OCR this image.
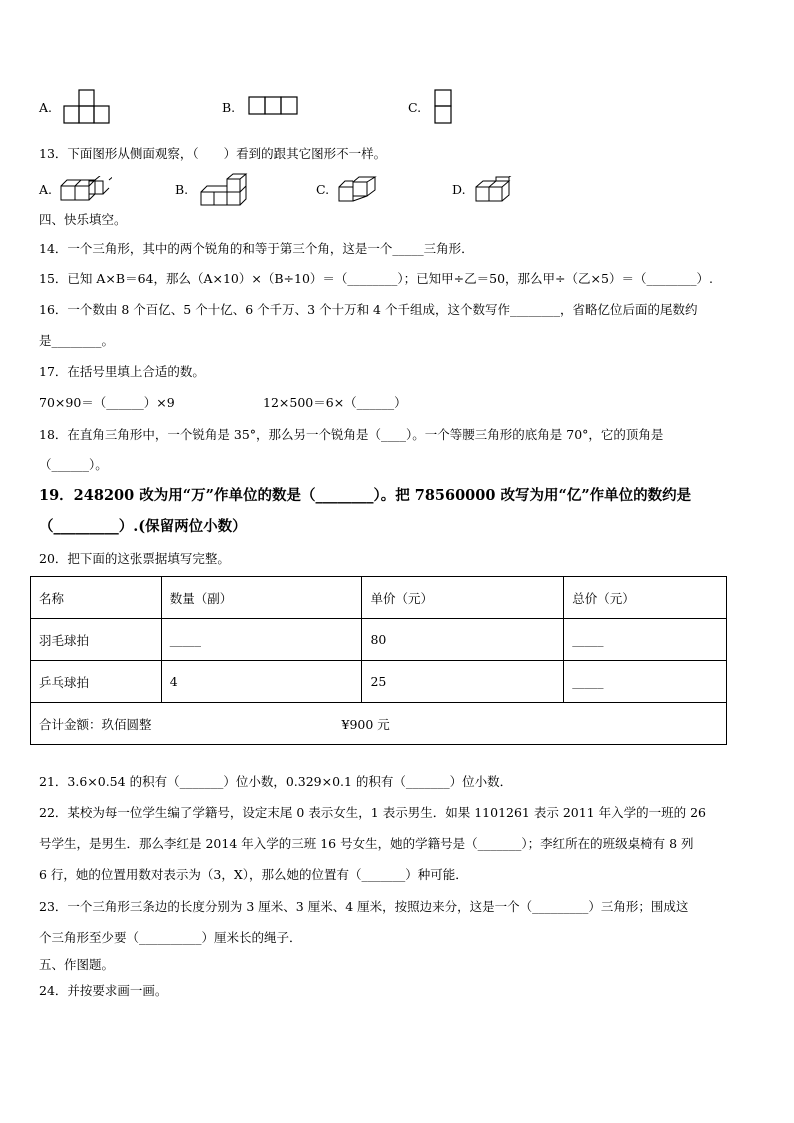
A.	B.	C.
13．下面图形从侧面观察，（　　）看到的跟其它图形不一样。
A.	B.	C.	D.
四、快乐填空。
14．一个三角形，其中的两个锐角的和等于第三个角，这是一个_____三角形．
15．已知 A×B＝64，那么（A×10）×（B÷10）＝（________）；已知甲÷乙＝50，那么甲÷（乙×5）＝（________）.
16．一个数由 8 个百亿、5 个十亿、6 个千万、3 个十万和 4 个千组成，这个数写作________，省略亿位后面的尾数约
是________。
17．在括号里填上合适的数。
70×90＝（______）×9	12×500＝6×（______）
18．在直角三角形中，一个锐角是 35°，那么另一个锐角是（____）。一个等腰三角形的底角是 70°，它的顶角是
（______）。
19．248200 改为用“万”作单位的数是（________）。把 78560000 改写为用“亿”作单位的数约是
（_________）.(保留两位小数）
20．把下面的这张票据填写完整。
名称	数量（副）	单价（元）	总价（元）
羽毛球拍	_____	80	_____
乒乓球拍	4	25	_____
合计金额：玖佰圆整 ¥900 元			
21．3.6×0.54 的积有（_______）位小数，0.329×0.1 的积有（_______）位小数．
22．某校为每一位学生编了学籍号，设定末尾 0 表示女生，1 表示男生．如果 1101261 表示 2011 年入学的一班的 26
号学生，是男生．那么李红是 2014 年入学的三班 16 号女生，她的学籍号是（_______）；李红所在的班级桌椅有 8 列
6 行，她的位置用数对表示为（3，X），那么她的位置有（_______）种可能．
23．一个三角形三条边的长度分别为 3 厘米、3 厘米、4 厘米，按照边来分，这是一个（_________）三角形；围成这
个三角形至少要（__________）厘米长的绳子．
五、作图题。
24．并按要求画一画。
